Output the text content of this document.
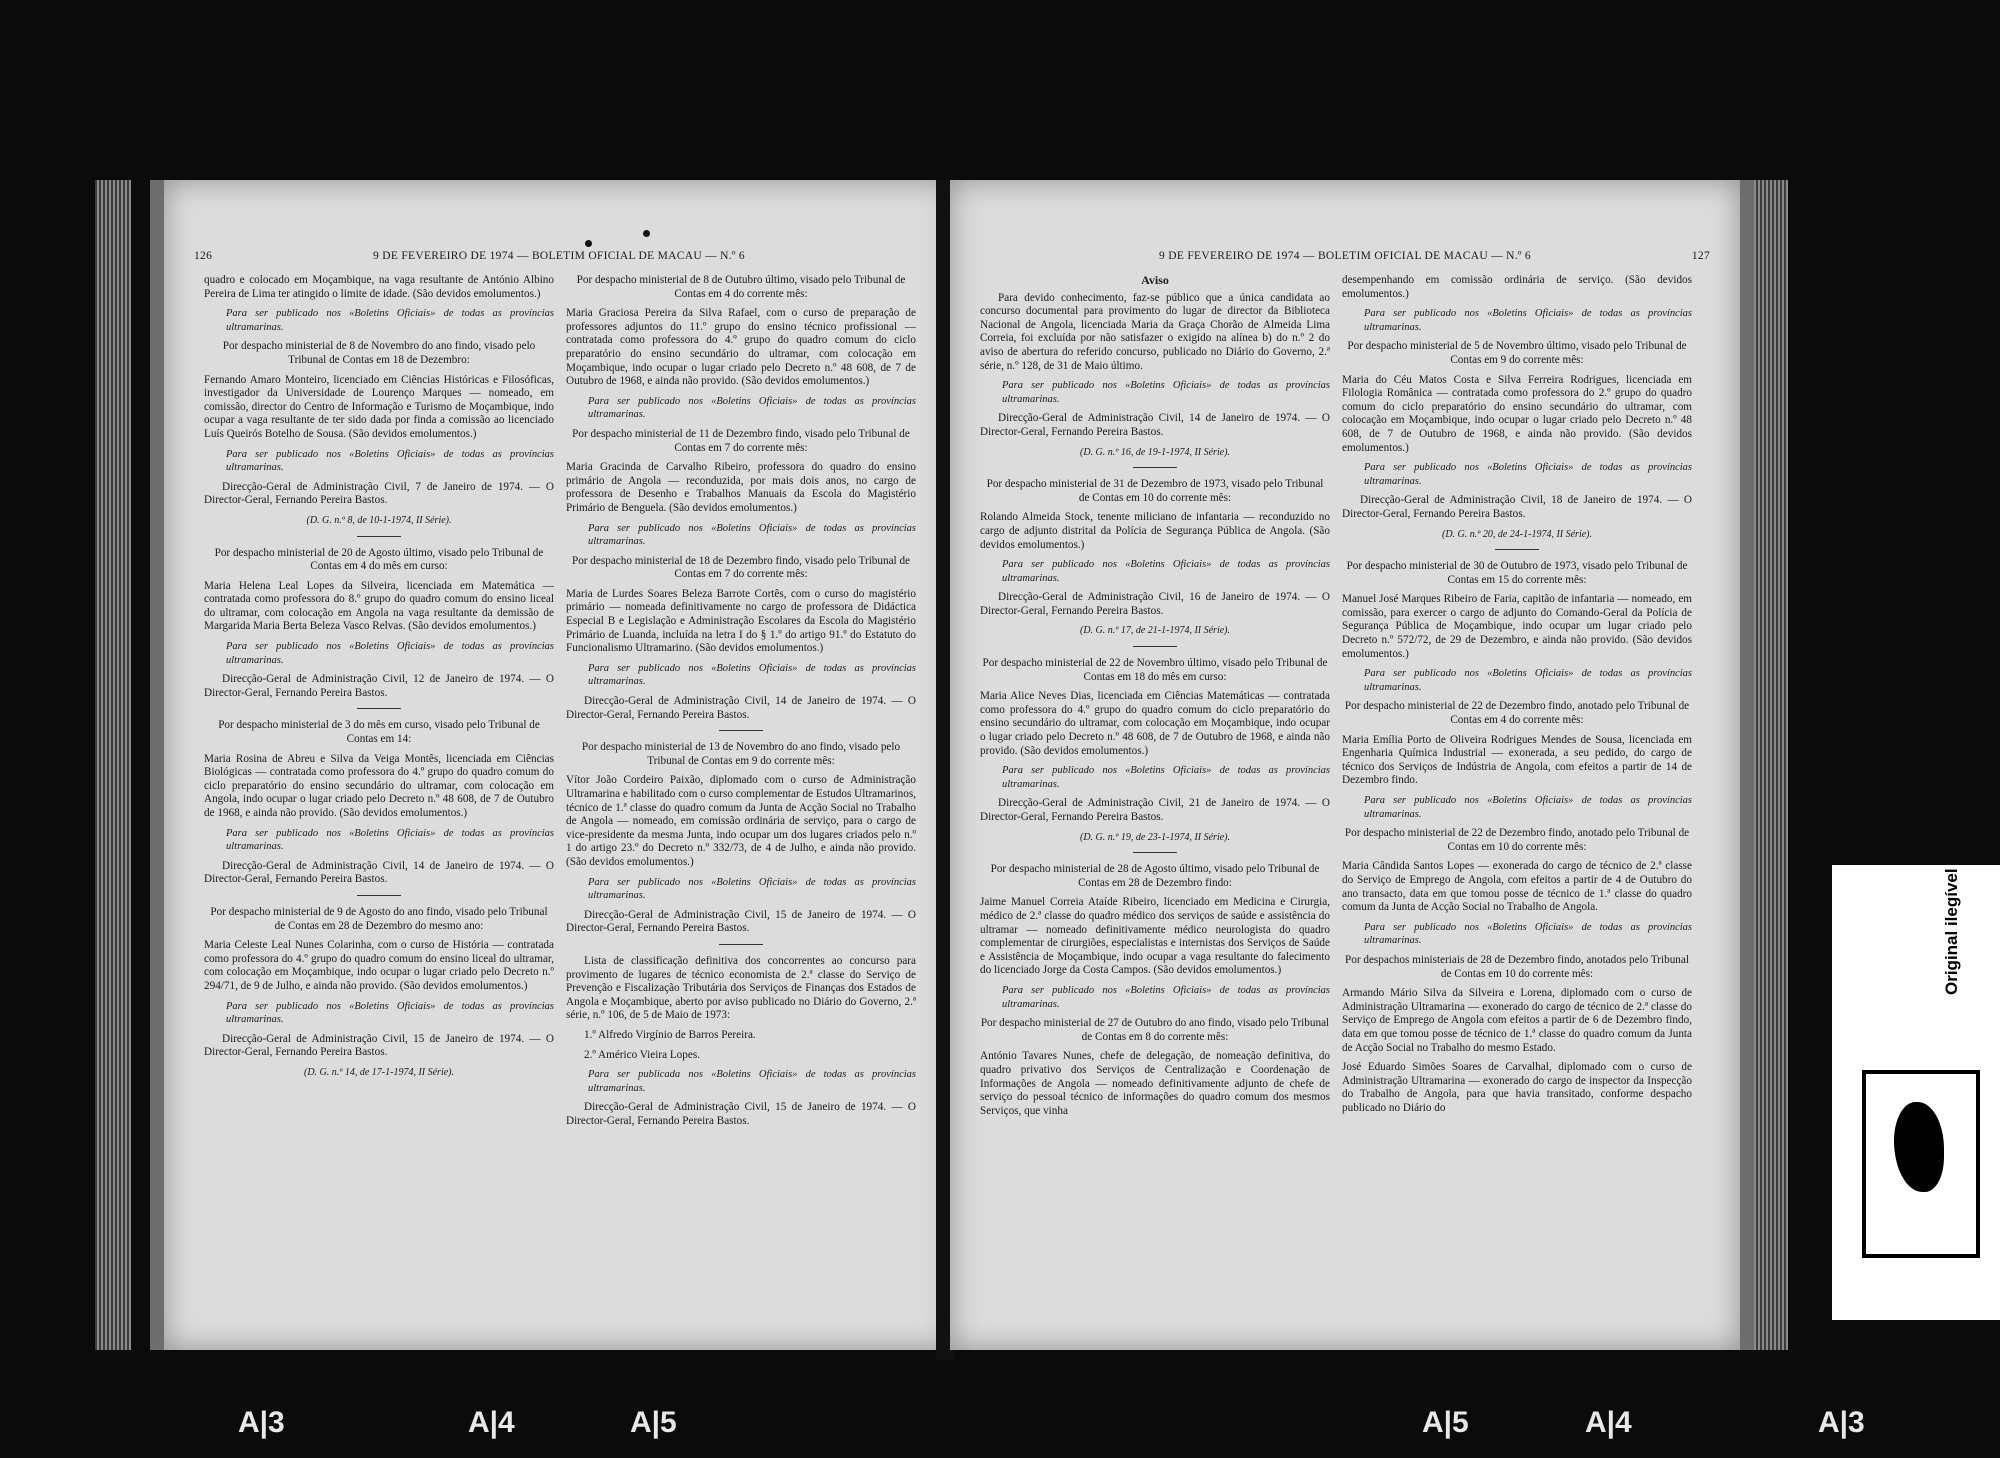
126	9 DE FEVEREIRO DE 1974 — BOLETIM OFICIAL DE MACAU — N.º 6

quadro e colocado em Moçambique, na vaga resultante de António Albino Pereira de Lima ter atingido o limite de idade. (São devidos emolumentos.)

Para ser publicado nos «Boletins Oficiais» de todas as províncias ultramarinas.

Por despacho ministerial de 8 de Novembro do ano findo, visado pelo Tribunal de Contas em 18 de Dezembro:

Fernando Amaro Monteiro, licenciado em Ciências Históricas e Filosóficas, investigador da Universidade de Lourenço Marques — nomeado, em comissão, director do Centro de Informação e Turismo de Moçambique, indo ocupar a vaga resultante de ter sido dada por finda a comissão ao licenciado Luís Queirós Botelho de Sousa. (São devidos emolumentos.)

Para ser publicado nos «Boletins Oficiais» de todas as províncias ultramarinas.

Direcção-Geral de Administração Civil, 7 de Janeiro de 1974. — O Director-Geral, Fernando Pereira Bastos.

(D. G. n.º 8, de 10-1-1974, II Série).

Por despacho ministerial de 20 de Agosto último, visado pelo Tribunal de Contas em 4 do mês em curso:

Maria Helena Leal Lopes da Silveira, licenciada em Matemática — contratada como professora do 8.º grupo do quadro comum do ensino liceal do ultramar, com colocação em Angola na vaga resultante da demissão de Margarida Maria Berta Beleza Vasco Relvas. (São devidos emolumentos.)

Para ser publicado nos «Boletins Oficiais» de todas as províncias ultramarinas.

Direcção-Geral de Administração Civil, 12 de Janeiro de 1974. — O Director-Geral, Fernando Pereira Bastos.

Por despacho ministerial de 3 do mês em curso, visado pelo Tribunal de Contas em 14:

Maria Rosina de Abreu e Silva da Veiga Montês, licenciada em Ciências Biológicas — contratada como professora do 4.º grupo do quadro comum do ciclo preparatório do ensino secundário do ultramar, com colocação em Angola, indo ocupar o lugar criado pelo Decreto n.º 48 608, de 7 de Outubro de 1968, e ainda não provido. (São devidos emolumentos.)

Para ser publicado nos «Boletins Oficiais» de todas as províncias ultramarinas.

Direcção-Geral de Administração Civil, 14 de Janeiro de 1974. — O Director-Geral, Fernando Pereira Bastos.

Por despacho ministerial de 9 de Agosto do ano findo, visado pelo Tribunal de Contas em 28 de Dezembro do mesmo ano:

Maria Celeste Leal Nunes Colarinha, com o curso de História — contratada como professora do 4.º grupo do quadro comum do ensino liceal do ultramar, com colocação em Moçambique, indo ocupar o lugar criado pelo Decreto n.º 294/71, de 9 de Julho, e ainda não provido. (São devidos emolumentos.)

Para ser publicado nos «Boletins Oficiais» de todas as províncias ultramarinas.

Direcção-Geral de Administração Civil, 15 de Janeiro de 1974. — O Director-Geral, Fernando Pereira Bastos.

(D. G. n.º 14, de 17-1-1974, II Série).

Por despacho ministerial de 8 de Outubro último, visado pelo Tribunal de Contas em 4 do corrente mês:

Maria Graciosa Pereira da Silva Rafael, com o curso de preparação de professores adjuntos do 11.º grupo do ensino técnico profissional — contratada como professora do 4.º grupo do quadro comum do ciclo preparatório do ensino secundário do ultramar, com colocação em Moçambique, indo ocupar o lugar criado pelo Decreto n.º 48 608, de 7 de Outubro de 1968, e ainda não provido. (São devidos emolumentos.)

Para ser publicado nos «Boletins Oficiais» de todas as províncias ultramarinas.

Por despacho ministerial de 11 de Dezembro findo, visado pelo Tribunal de Contas em 7 do corrente mês:

Maria Gracinda de Carvalho Ribeiro, professora do quadro do ensino primário de Angola — reconduzida, por mais dois anos, no cargo de professora de Desenho e Trabalhos Manuais da Escola do Magistério Primário de Benguela. (São devidos emolumentos.)

Para ser publicado nos «Boletins Oficiais» de todas as províncias ultramarinas.

Por despacho ministerial de 18 de Dezembro findo, visado pelo Tribunal de Contas em 7 do corrente mês:

Maria de Lurdes Soares Beleza Barrote Cortês, com o curso do magistério primário — nomeada definitivamente no cargo de professora de Didáctica Especial B e Legislação e Administração Escolares da Escola do Magistério Primário de Luanda, incluída na letra I do § 1.º do artigo 91.º do Estatuto do Funcionalismo Ultramarino. (São devidos emolumentos.)

Para ser publicado nos «Boletins Oficiais» de todas as províncias ultramarinas.

Direcção-Geral de Administração Civil, 14 de Janeiro de 1974. — O Director-Geral, Fernando Pereira Bastos.

Por despacho ministerial de 13 de Novembro do ano findo, visado pelo Tribunal de Contas em 9 do corrente mês:

Vítor João Cordeiro Paixão, diplomado com o curso de Administração Ultramarina e habilitado com o curso complementar de Estudos Ultramarinos, técnico de 1.ª classe do quadro comum da Junta de Acção Social no Trabalho de Angola — nomeado, em comissão ordinária de serviço, para o cargo de vice-presidente da mesma Junta, indo ocupar um dos lugares criados pelo n.º 1 do artigo 23.º do Decreto n.º 332/73, de 4 de Julho, e ainda não provido. (São devidos emolumentos.)

Para ser publicado nos «Boletins Oficiais» de todas as províncias ultramarinas.

Direcção-Geral de Administração Civil, 15 de Janeiro de 1974. — O Director-Geral, Fernando Pereira Bastos.

Lista de classificação definitiva dos concorrentes ao concurso para provimento de lugares de técnico economista de 2.ª classe do Serviço de Prevenção e Fiscalização Tributária dos Serviços de Finanças dos Estados de Angola e Moçambique, aberto por aviso publicado no Diário do Governo, 2.ª série, n.º 106, de 5 de Maio de 1973:

1.º Alfredo Virgínio de Barros Pereira.

2.º Américo Vieira Lopes.

Para ser publicada nos «Boletins Oficiais» de todas as províncias ultramarinas.

Direcção-Geral de Administração Civil, 15 de Janeiro de 1974. — O Director-Geral, Fernando Pereira Bastos.

9 DE FEVEREIRO DE 1974 — BOLETIM OFICIAL DE MACAU — N.º 6	127
Aviso

Para devido conhecimento, faz-se público que a única candidata ao concurso documental para provimento do lugar de director da Biblioteca Nacional de Angola, licenciada Maria da Graça Chorão de Almeida Lima Correia, foi excluída por não satisfazer o exigido na alínea b) do n.º 2 do aviso de abertura do referido concurso, publicado no Diário do Governo, 2.ª série, n.º 128, de 31 de Maio último.

Para ser publicado nos «Boletins Oficiais» de todas as províncias ultramarinas.

Direcção-Geral de Administração Civil, 14 de Janeiro de 1974. — O Director-Geral, Fernando Pereira Bastos.

(D. G. n.º 16, de 19-1-1974, II Série).

Por despacho ministerial de 31 de Dezembro de 1973, visado pelo Tribunal de Contas em 10 do corrente mês:

Rolando Almeida Stock, tenente miliciano de infantaria — reconduzido no cargo de adjunto distrital da Polícia de Segurança Pública de Angola. (São devidos emolumentos.)

Para ser publicado nos «Boletins Oficiais» de todas as províncias ultramarinas.

Direcção-Geral de Administração Civil, 16 de Janeiro de 1974. — O Director-Geral, Fernando Pereira Bastos.

(D. G. n.º 17, de 21-1-1974, II Série).

Por despacho ministerial de 22 de Novembro último, visado pelo Tribunal de Contas em 18 do mês em curso:

Maria Alice Neves Dias, licenciada em Ciências Matemáticas — contratada como professora do 4.º grupo do quadro comum do ciclo preparatório do ensino secundário do ultramar, com colocação em Moçambique, indo ocupar o lugar criado pelo Decreto n.º 48 608, de 7 de Outubro de 1968, e ainda não provido. (São devidos emolumentos.)

Para ser publicado nos «Boletins Oficiais» de todas as províncias ultramarinas.

Direcção-Geral de Administração Civil, 21 de Janeiro de 1974. — O Director-Geral, Fernando Pereira Bastos.

(D. G. n.º 19, de 23-1-1974, II Série).

Por despacho ministerial de 28 de Agosto último, visado pelo Tribunal de Contas em 28 de Dezembro findo:

Jaime Manuel Correia Ataíde Ribeiro, licenciado em Medicina e Cirurgia, médico de 2.ª classe do quadro médico dos serviços de saúde e assistência do ultramar — nomeado definitivamente médico neurologista do quadro complementar de cirurgiões, especialistas e internistas dos Serviços de Saúde e Assistência de Moçambique, indo ocupar a vaga resultante do falecimento do licenciado Jorge da Costa Campos. (São devidos emolumentos.)

Para ser publicado nos «Boletins Oficiais» de todas as províncias ultramarinas.

Por despacho ministerial de 27 de Outubro do ano findo, visado pelo Tribunal de Contas em 8 do corrente mês:

António Tavares Nunes, chefe de delegação, de nomeação definitiva, do quadro privativo dos Serviços de Centralização e Coordenação de Informações de Angola — nomeado definitivamente adjunto de chefe de serviço do pessoal técnico de informações do quadro comum dos mesmos Serviços, que vinha

desempenhando em comissão ordinária de serviço. (São devidos emolumentos.)

Para ser publicado nos «Boletins Oficiais» de todas as províncias ultramarinas.

Por despacho ministerial de 5 de Novembro último, visado pelo Tribunal de Contas em 9 do corrente mês:

Maria do Céu Matos Costa e Silva Ferreira Rodrigues, licenciada em Filologia Românica — contratada como professora do 2.º grupo do quadro comum do ciclo preparatório do ensino secundário do ultramar, com colocação em Moçambique, indo ocupar o lugar criado pelo Decreto n.º 48 608, de 7 de Outubro de 1968, e ainda não provido. (São devidos emolumentos.)

Para ser publicado nos «Boletins Oficiais» de todas as províncias ultramarinas.

Direcção-Geral de Administração Civil, 18 de Janeiro de 1974. — O Director-Geral, Fernando Pereira Bastos.

(D. G. n.º 20, de 24-1-1974, II Série).

Por despacho ministerial de 30 de Outubro de 1973, visado pelo Tribunal de Contas em 15 do corrente mês:

Manuel José Marques Ribeiro de Faria, capitão de infantaria — nomeado, em comissão, para exercer o cargo de adjunto do Comando-Geral da Polícia de Segurança Pública de Moçambique, indo ocupar um lugar criado pelo Decreto n.º 572/72, de 29 de Dezembro, e ainda não provido. (São devidos emolumentos.)

Para ser publicado nos «Boletins Oficiais» de todas as províncias ultramarinas.

Por despacho ministerial de 22 de Dezembro findo, anotado pelo Tribunal de Contas em 4 do corrente mês:

Maria Emília Porto de Oliveira Rodrigues Mendes de Sousa, licenciada em Engenharia Química Industrial — exonerada, a seu pedido, do cargo de técnico dos Serviços de Indústria de Angola, com efeitos a partir de 14 de Dezembro findo.

Para ser publicado nos «Boletins Oficiais» de todas as províncias ultramarinas.

Por despacho ministerial de 22 de Dezembro findo, anotado pelo Tribunal de Contas em 10 do corrente mês:

Maria Cândida Santos Lopes — exonerada do cargo de técnico de 2.ª classe do Serviço de Emprego de Angola, com efeitos a partir de 4 de Outubro do ano transacto, data em que tomou posse de técnico de 1.ª classe do quadro comum da Junta de Acção Social no Trabalho de Angola.

Para ser publicado nos «Boletins Oficiais» de todas as províncias ultramarinas.

Por despachos ministeriais de 28 de Dezembro findo, anotados pelo Tribunal de Contas em 10 do corrente mês:

Armando Mário Silva da Silveira e Lorena, diplomado com o curso de Administração Ultramarina — exonerado do cargo de técnico de 2.ª classe do Serviço de Emprego de Angola com efeitos a partir de 6 de Dezembro findo, data em que tomou posse de técnico de 1.ª classe do quadro comum da Junta de Acção Social no Trabalho do mesmo Estado.

José Eduardo Simões Soares de Carvalhal, diplomado com o curso de Administração Ultramarina — exonerado do cargo de inspector da Inspecção do Trabalho de Angola, para que havia transitado, conforme despacho publicado no Diário do

Original ilegível
A|3	A|4	A|5	A|5	A|4	A|3
